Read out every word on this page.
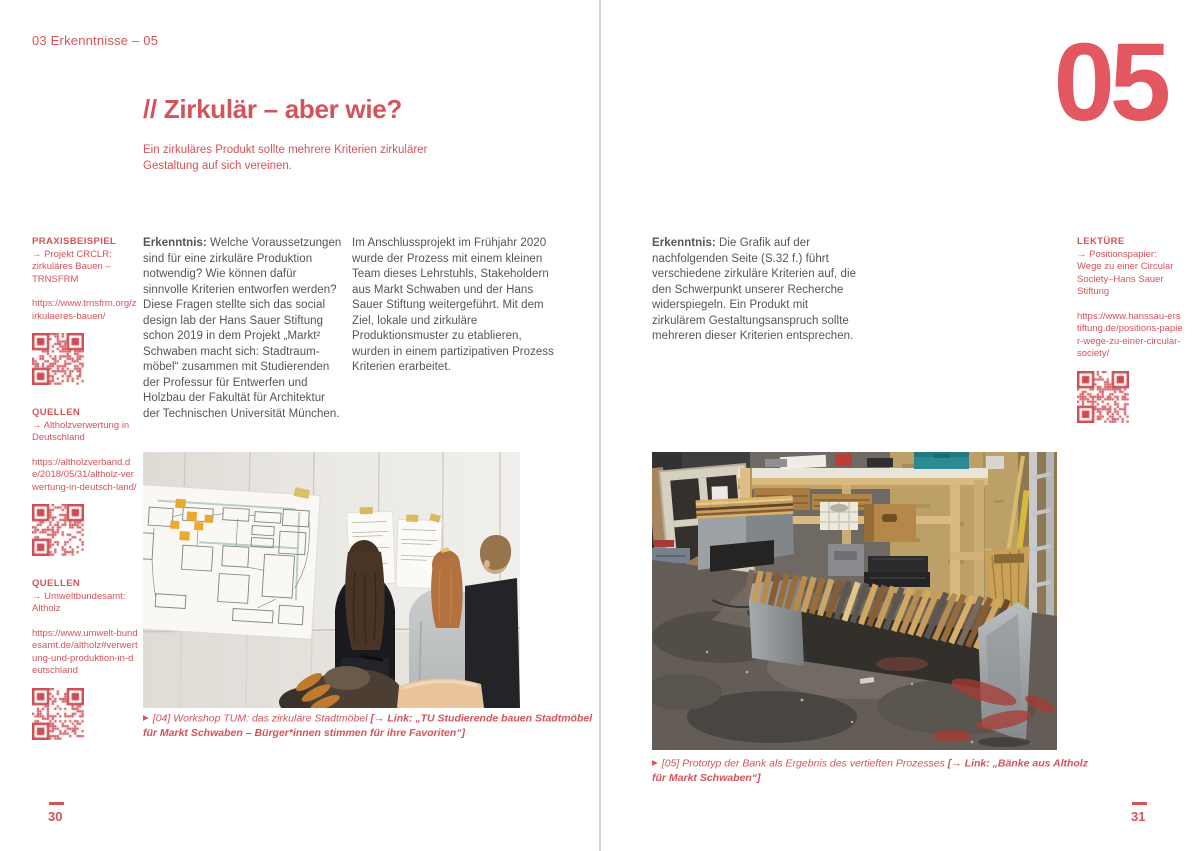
03 Erkenntnisse – 05
// Zirkulär – aber wie?
Ein zirkuläres Produkt sollte mehrere Kriterien zirkulärer Gestaltung auf sich vereinen.
PRAXISBEISPIEL
→ Projekt CRCLR: zirkuläres Bauen –TRNSFRM
https://www.trnsfrm.org/zirkulaeres-bauen/
QUELLEN
→ Altholzverwertung in Deutschland
https://altholzverband.de/2018/05/31/altholz-verwertung-in-deutsch-land/
QUELLEN
→ Umweltbundesamt: Altholz
https://www.umwelt-bundesamt.de/altholz#verwertung-und-produktion-in-deutschland

Erkenntnis: Welche Voraussetzungen sind für eine zirkuläre Produktion notwendig? Wie können dafür sinnvolle Kriterien entworfen werden?

Diese Fragen stellte sich das social design lab der Hans Sauer Stiftung schon 2019 in dem Projekt „Markt² Schwaben macht sich: Stadtraummöbel“ zusammen mit Studierenden der Professur für Entwerfen und Holzbau der Fakultät für Architektur der Technischen Universität München.

Im Anschlussprojekt im Frühjahr 2020 wurde der Prozess mit einem kleinen Team dieses Lehrstuhls, Stakeholdern aus Markt Schwaben und der Hans Sauer Stiftung weitergeführt. Mit dem Ziel, lokale und zirkuläre Produktionsmuster zu etablieren, wurden in einem partizipativen Prozess Kriterien erarbeitet.

▶ [04] Workshop TUM: das zirkuläre Stadtmöbel [→ Link: „TU Studierende bauen Stadtmöbel für Markt Schwaben – Bürger*innen stimmen für ihre Favoriten“]
30
05

Erkenntnis: Die Grafik auf der nachfolgenden Seite (S.32 f.) führt verschiedene zirkuläre Kriterien auf, die den Schwerpunkt unserer Recherche widerspiegeln. Ein Produkt mit zirkulärem Gestaltungsanspruch sollte mehreren dieser Kriterien entsprechen.

LEKTÜRE
→ Positionspapier: Wege zu einer Circular Society–Hans Sauer Stiftung
https://www.hanssau-erstiftung.de/positions-papier-wege-zu-einer-circular-society/
▶ [05] Prototyp der Bank als Ergebnis des vertieften Prozesses [→ Link: „Bänke aus Altholz für Markt Schwaben“]
31
